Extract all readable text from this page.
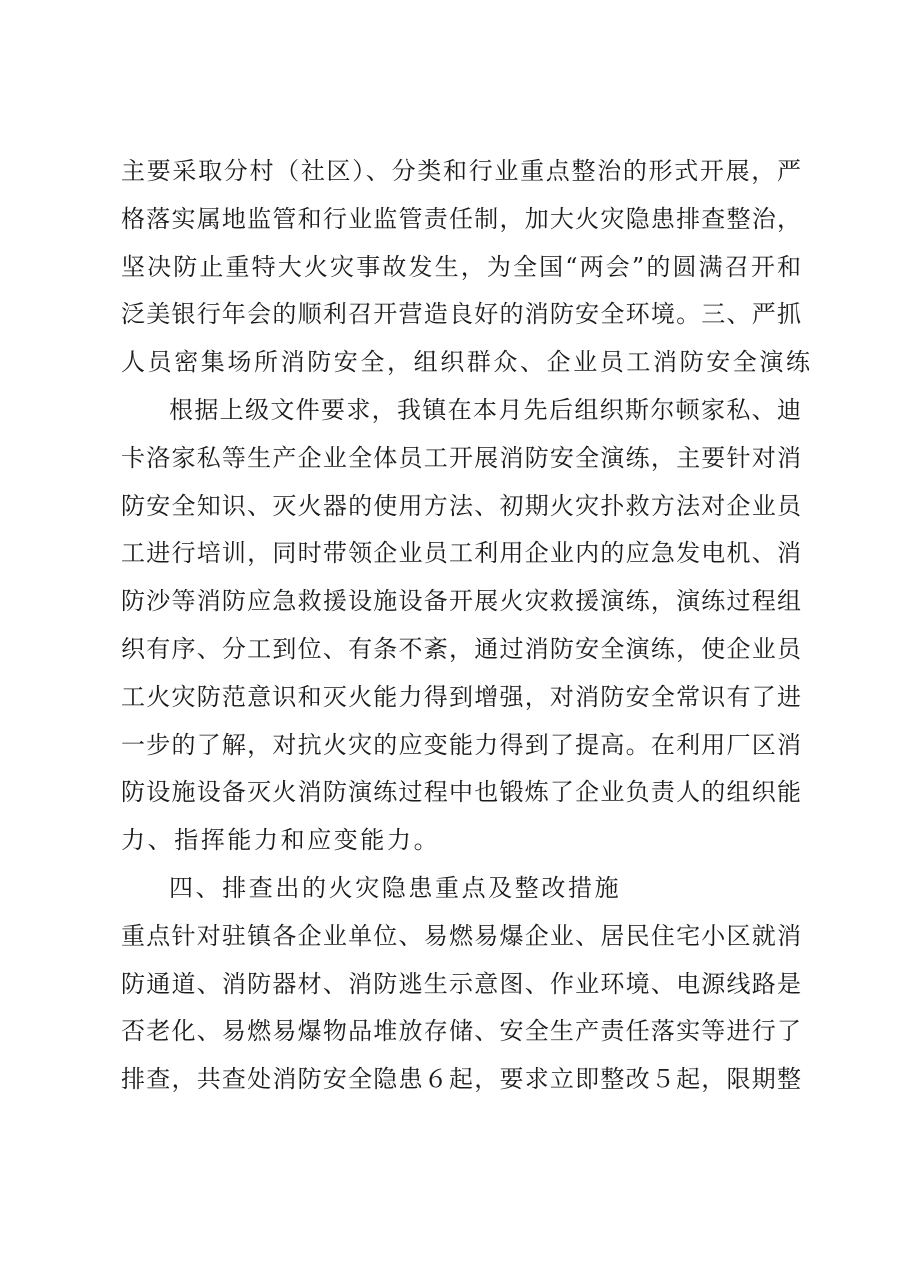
主要采取分村（社区）、分类和行业重点整治的形式开展，严
格落实属地监管和行业监管责任制，加大火灾隐患排查整治，
坚决防止重特大火灾事故发生，为全国“两会”的圆满召开和
泛美银行年会的顺利召开营造良好的消防安全环境。三、严抓
人员密集场所消防安全，组织群众、企业员工消防安全演练
根据上级文件要求，我镇在本月先后组织斯尔顿家私、迪
卡洛家私等生产企业全体员工开展消防安全演练，主要针对消
防安全知识、灭火器的使用方法、初期火灾扑救方法对企业员
工进行培训，同时带领企业员工利用企业内的应急发电机、消
防沙等消防应急救援设施设备开展火灾救援演练，演练过程组
织有序、分工到位、有条不紊，通过消防安全演练，使企业员
工火灾防范意识和灭火能力得到增强，对消防安全常识有了进
一步的了解，对抗火灾的应变能力得到了提高。在利用厂区消
防设施设备灭火消防演练过程中也锻炼了企业负责人的组织能
力、指挥能力和应变能力。
四、排查出的火灾隐患重点及整改措施
重点针对驻镇各企业单位、易燃易爆企业、居民住宅小区就消
防通道、消防器材、消防逃生示意图、作业环境、电源线路是
否老化、易燃易爆物品堆放存储、安全生产责任落实等进行了
排查，共查处消防安全隐患６起，要求立即整改５起，限期整
